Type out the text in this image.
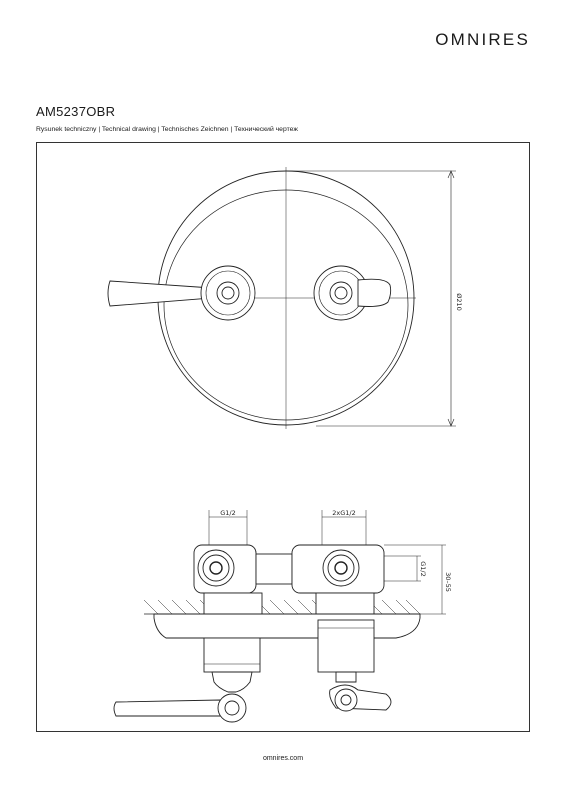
OMNIRES
AM5237OBR
Rysunek techniczny | Technical drawing | Technisches Zeichnen | Технический чертеж
Ø210
G1/2	2xG1/2
G1/2
30–55
omnires.com
